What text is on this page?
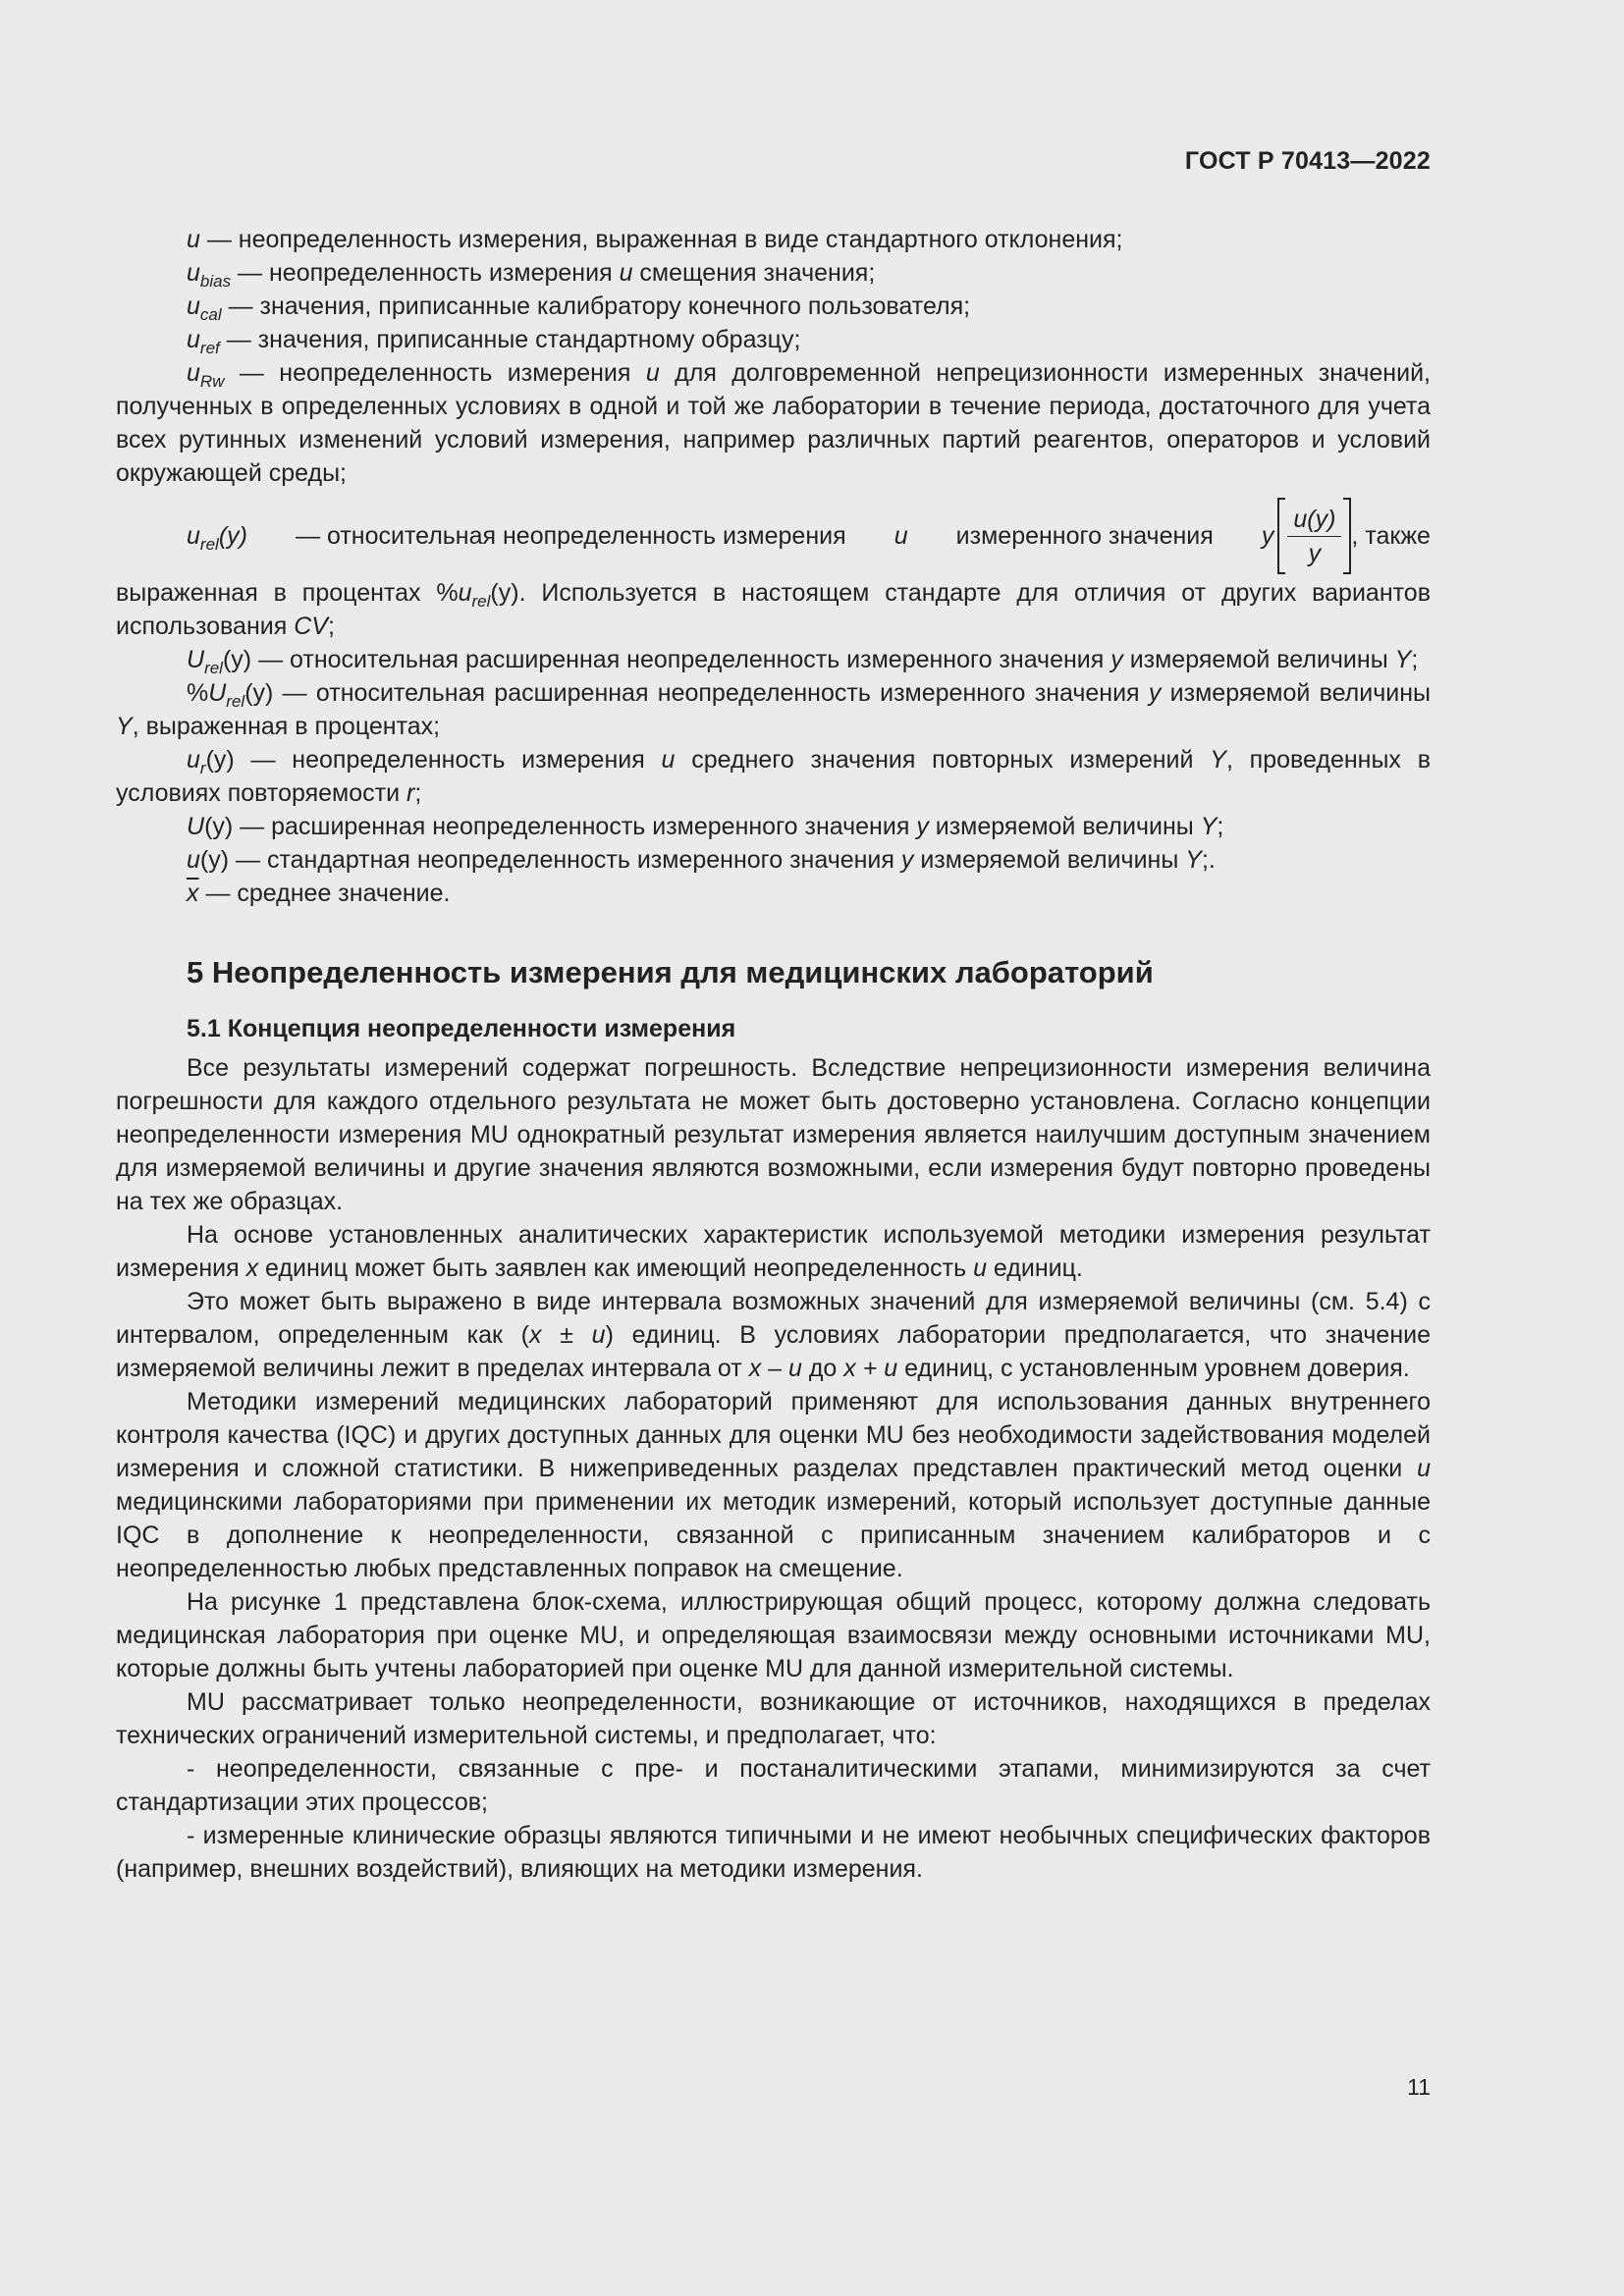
ГОСТ Р 70413—2022

u — неопределенность измерения, выраженная в виде стандартного отклонения;

$u_{bias}$ — неопределенность измерения u смещения значения;

$u_{cal}$ — значения, приписанные калибратору конечного пользователя;

$u_{ref}$ — значения, приписанные стандартному образцу;

$u_{Rw}$ — неопределенность измерения u для долговременной непрецизионности измеренных значений, полученных в определенных условиях в одной и той же лаборатории в течение периода, достаточного для учета всех рутинных изменений условий измерения, например различных партий реагентов, операторов и условий окружающей среды;

$u_{rel}(y)$ — относительная неопределенность измерения u измеренного значения y $\frac{u(y)}{y}$ , также

выраженная в процентах $\%u_{rel}(y)$. Используется в настоящем стандарте для отличия от других вариантов использования CV;

$U_{rel}(y)$ — относительная расширенная неопределенность измеренного значения y измеряемой величины Y;

$\%U_{rel}(y)$ — относительная расширенная неопределенность измеренного значения y измеряемой величины Y, выраженная в процентах;

$u_r(y)$ — неопределенность измерения u среднего значения повторных измерений Y, проведенных в условиях повторяемости r;

U(y) — расширенная неопределенность измеренного значения y измеряемой величины Y;

u(y) — стандартная неопределенность измеренного значения y измеряемой величины Y;.

$\overline{x}$ — среднее значение.

5 Неопределенность измерения для медицинских лабораторий
5.1 Концепция неопределенности измерения

Все результаты измерений содержат погрешность. Вследствие непрецизионности измерения величина погрешности для каждого отдельного результата не может быть достоверно установлена. Согласно концепции неопределенности измерения MU однократный результат измерения является наилучшим доступным значением для измеряемой величины и другие значения являются возможными, если измерения будут повторно проведены на тех же образцах.

На основе установленных аналитических характеристик используемой методики измерения результат измерения x единиц может быть заявлен как имеющий неопределенность u единиц.

Это может быть выражено в виде интервала возможных значений для измеряемой величины (см. 5.4) с интервалом, определенным как (x ± u) единиц. В условиях лаборатории предполагается, что значение измеряемой величины лежит в пределах интервала от x – u до x + u единиц, с установленным уровнем доверия.

Методики измерений медицинских лабораторий применяют для использования данных внутреннего контроля качества (IQC) и других доступных данных для оценки MU без необходимости задействования моделей измерения и сложной статистики. В нижеприведенных разделах представлен практический метод оценки u медицинскими лабораториями при применении их методик измерений, который использует доступные данные IQC в дополнение к неопределенности, связанной с приписанным значением калибраторов и с неопределенностью любых представленных поправок на смещение.

На рисунке 1 представлена блок-схема, иллюстрирующая общий процесс, которому должна следовать медицинская лаборатория при оценке MU, и определяющая взаимосвязи между основными источниками MU, которые должны быть учтены лабораторией при оценке MU для данной измерительной системы.

MU рассматривает только неопределенности, возникающие от источников, находящихся в пределах технических ограничений измерительной системы, и предполагает, что:

- неопределенности, связанные с пре- и постаналитическими этапами, минимизируются за счет стандартизации этих процессов;

- измеренные клинические образцы являются типичными и не имеют необычных специфических факторов (например, внешних воздействий), влияющих на методики измерения.

11
